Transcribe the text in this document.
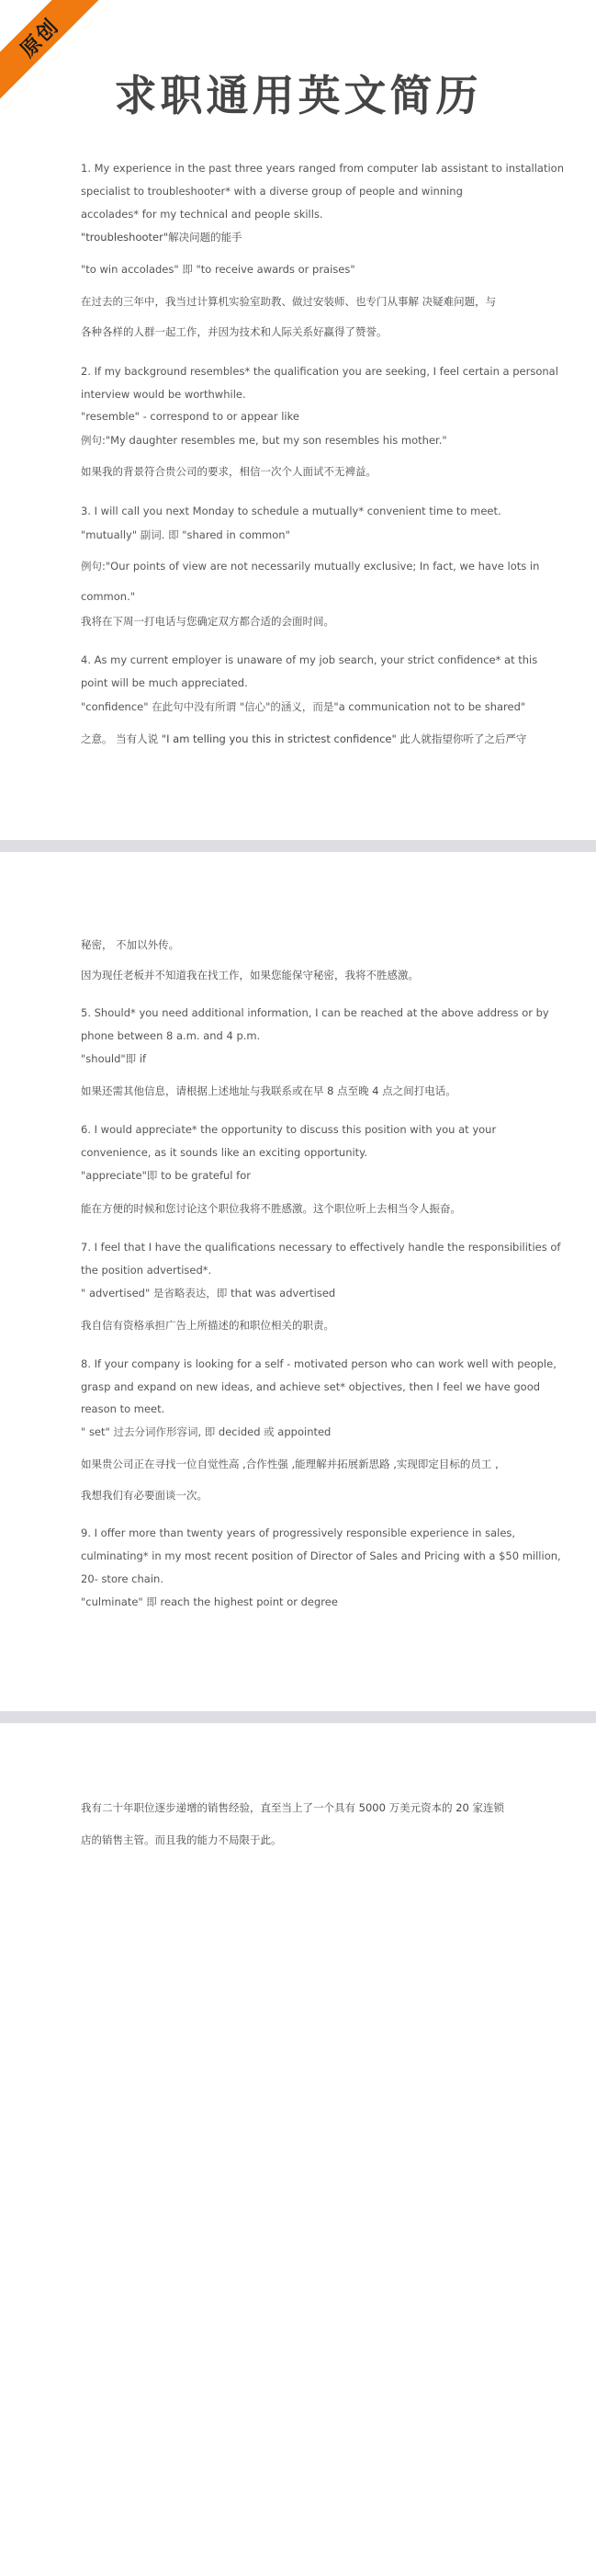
原创
求职通用英文简历
1. My experience in the past three years ranged from computer lab assistant to installation
specialist to troubleshooter* with a diverse group of people and winning
accolades* for my technical and people skills.
"troubleshooter"解决问题的能手
"to win accolades" 即 "to receive awards or praises"
在过去的三年中，我当过计算机实验室助教、做过安装师、也专门从事解 决疑难问题，与
各种各样的人群一起工作，并因为技术和人际关系好赢得了赞誉。
2. If my background resembles* the qualification you are seeking, I feel certain a personal
interview would be worthwhile.
"resemble" - correspond to or appear like
例句:"My daughter resembles me, but my son resembles his mother."
如果我的背景符合贵公司的要求，相信一次个人面试不无裨益。
3. I will call you next Monday to schedule a mutually* convenient time to meet.
"mutually" 副词. 即 "shared in common"
例句:"Our points of view are not necessarily mutually exclusive; In fact, we have lots in
common."
我将在下周一打电话与您确定双方都合适的会面时间。
4. As my current employer is unaware of my job search, your strict confidence* at this
point will be much appreciated.
"confidence" 在此句中没有所谓 "信心"的涵义，而是"a communication not to be shared"
之意。 当有人说 "I am telling you this in strictest confidence" 此人就指望你听了之后严守
秘密， 不加以外传。
因为现任老板并不知道我在找工作，如果您能保守秘密，我将不胜感激。
5. Should* you need additional information, I can be reached at the above address or by
phone between 8 a.m. and 4 p.m.
"should"即 if
如果还需其他信息，请根据上述地址与我联系或在早 8 点至晚 4 点之间打电话。
6. I would appreciate* the opportunity to discuss this position with you at your
convenience, as it sounds like an exciting opportunity.
"appreciate"即 to be grateful for
能在方便的时候和您讨论这个职位我将不胜感激。这个职位听上去相当令人振奋。
7. I feel that I have the qualifications necessary to effectively handle the responsibilities of
the position advertised*.
" advertised" 是省略表达，即 that was advertised
我自信有资格承担广告上所描述的和职位相关的职责。
8. If your company is looking for a self - motivated person who can work well with people,
grasp and expand on new ideas, and achieve set* objectives, then I feel we have good
reason to meet.
" set" 过去分词作形容词, 即 decided 或 appointed
如果贵公司正在寻找一位自觉性高 ,合作性强 ,能理解并拓展新思路 ,实现即定目标的员工 ,
我想我们有必要面谈一次。
9. I offer more than twenty years of progressively responsible experience in sales,
culminating* in my most recent position of Director of Sales and Pricing with a $50 million,
20- store chain.
"culminate" 即 reach the highest point or degree
我有二十年职位逐步递增的销售经验，直至当上了一个具有 5000 万美元资本的 20 家连锁
店的销售主管。而且我的能力不局限于此。
